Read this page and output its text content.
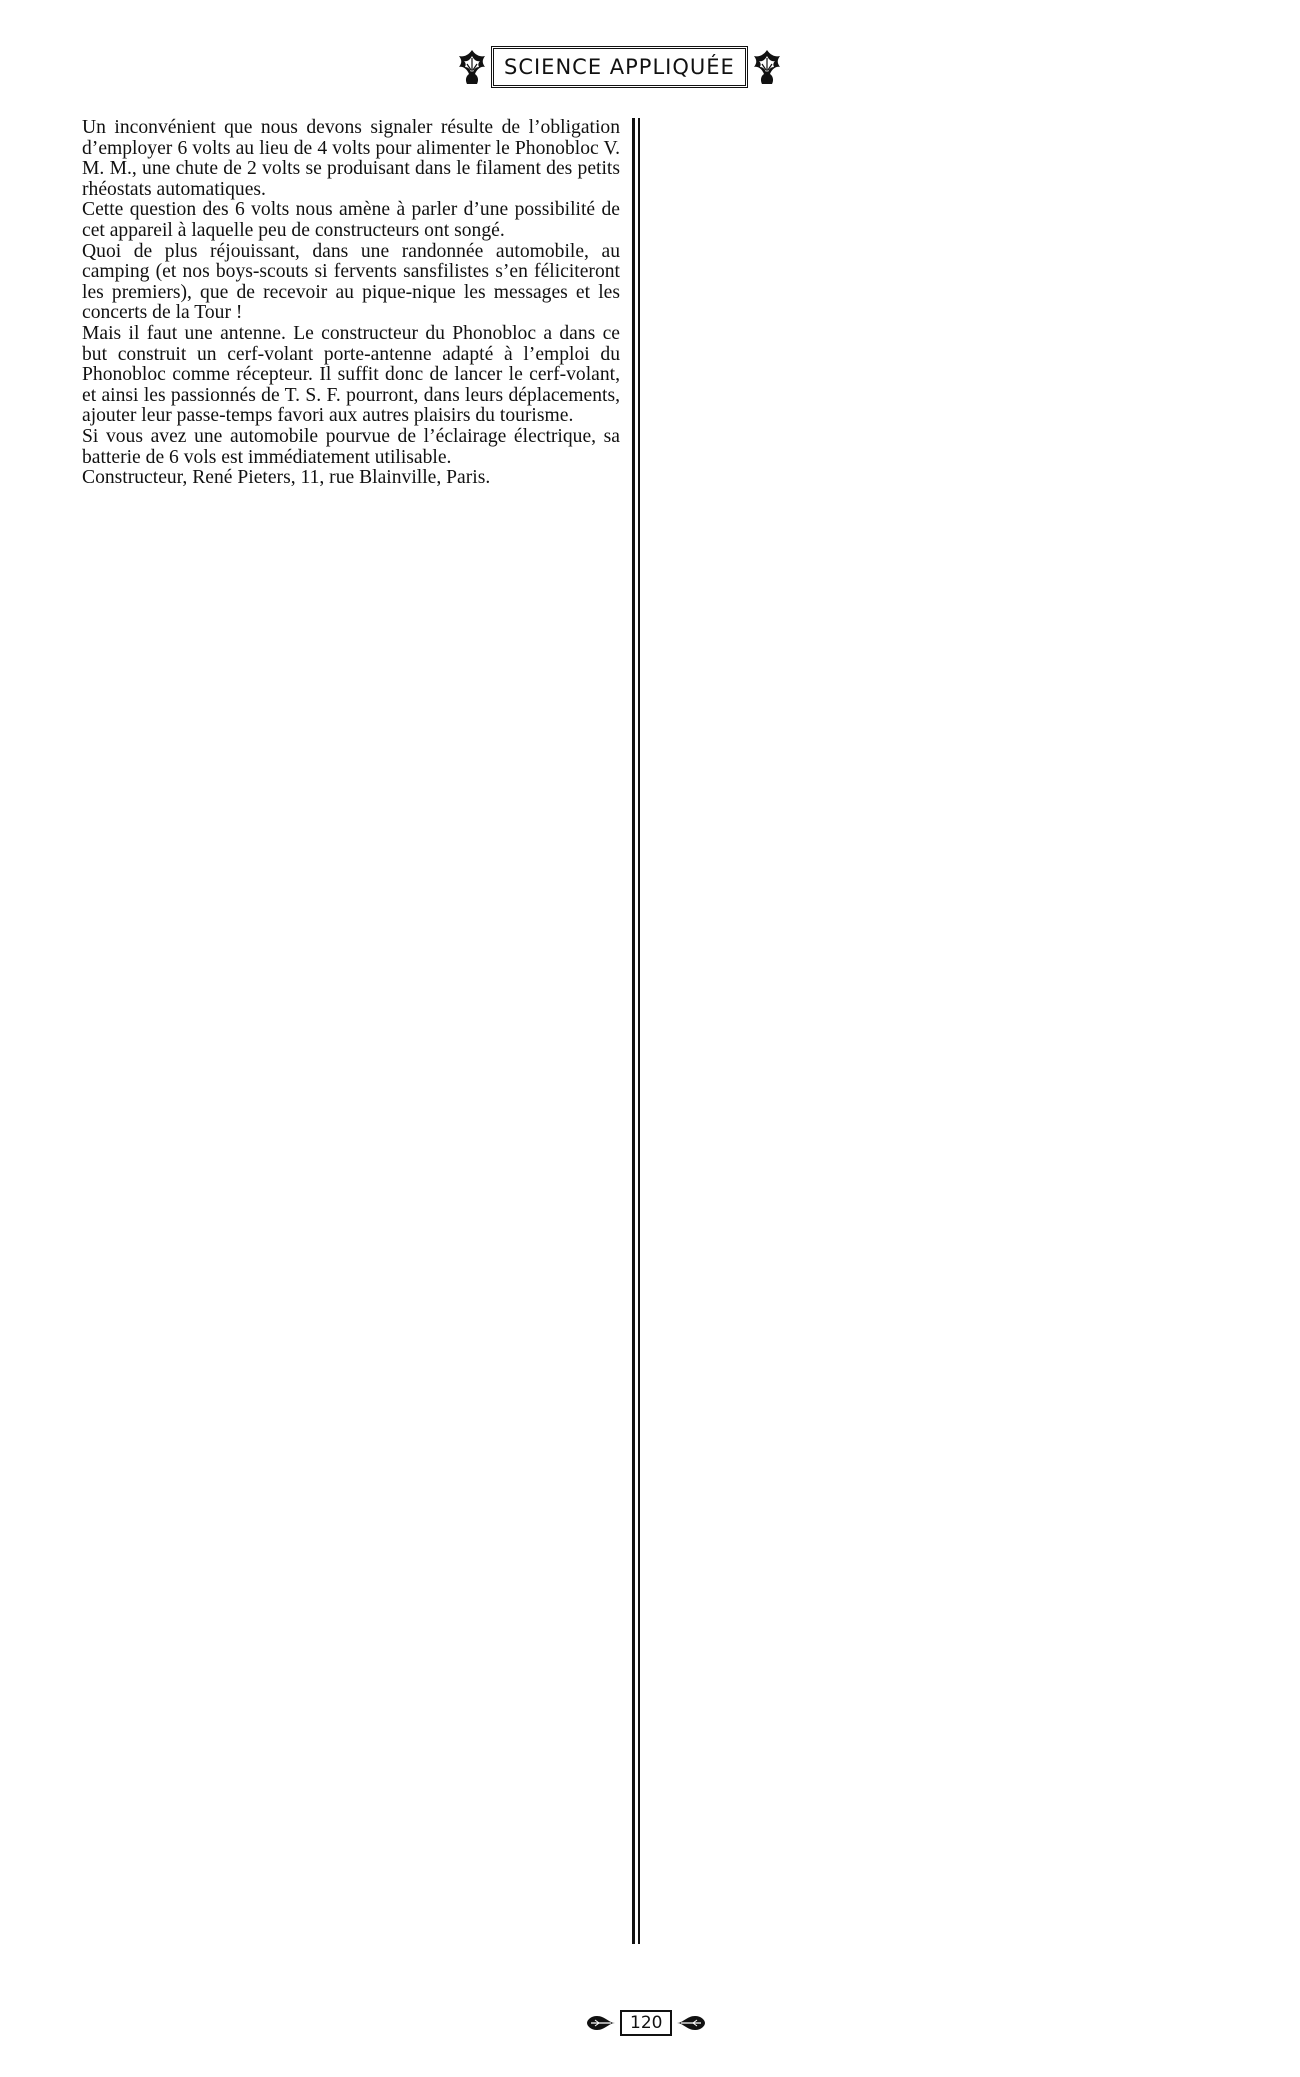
SCIENCE APPLIQUÉE

Un inconvénient que nous devons signaler résulte de l’obligation d’employer 6 volts au lieu de 4 volts pour alimenter le Phonobloc V. M. M., une chute de 2 volts se produisant dans le filament des petits rhéostats automatiques.

Cette question des 6 volts nous amène à parler d’une possibilité de cet appareil à laquelle peu de constructeurs ont songé.

Quoi de plus réjouissant, dans une randonnée automobile, au camping (et nos boys-scouts si fervents sansfilistes s’en féliciteront les premiers), que de recevoir au pique-nique les messages et les concerts de la Tour !

Mais il faut une antenne. Le constructeur du Phonobloc a dans ce but construit un cerf-volant porte-antenne adapté à l’emploi du Phonobloc comme récepteur. Il suffit donc de lancer le cerf-volant, et ainsi les passionnés de T. S. F. pourront, dans leurs déplacements, ajouter leur passe-temps favori aux autres plaisirs du tourisme.

Si vous avez une automobile pourvue de l’éclairage électrique, sa batterie de 6 vols est immédiatement utilisable.

Constructeur, René Pieters, 11, rue Blainville, Paris.

120
